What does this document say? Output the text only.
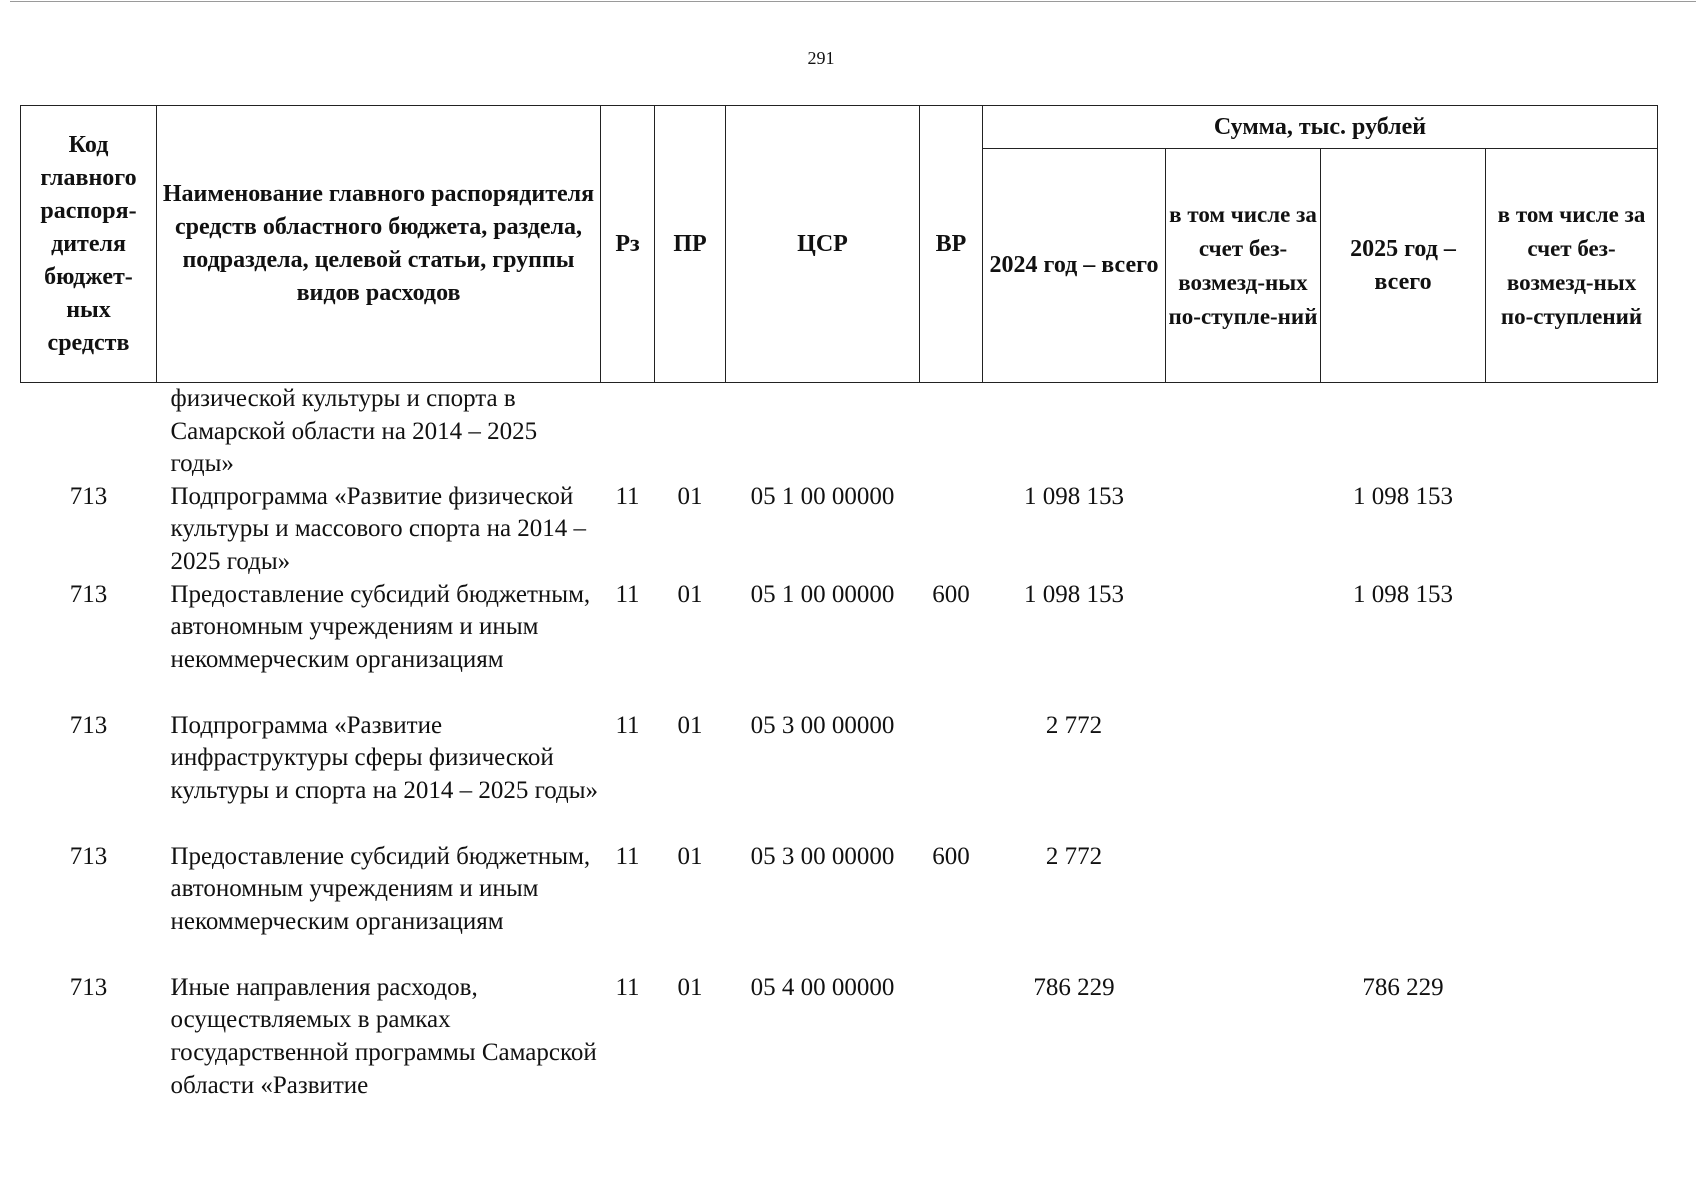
291
Код главного распоря-дителя бюджет-ных средств	Наименование главного распорядителя средств областного бюджета, раздела, подраздела, целевой статьи, группы видов расходов	Рз	ПР	ЦСР	ВР	Сумма, тыс. рублей			
						2024 год – всего	в том числе за счет без-возмезд-ных по-ступле-ний	2025 год – всего	в том числе за счет без-возмезд-ных по-ступлений
	физической культуры и спорта в Самарской области на 2014 – 2025 годы»								
713	Подпрограмма «Развитие физической культуры и массового спорта на 2014 – 2025 годы»	11	01	05 1 00 00000		1 098 153		1 098 153	
713	Предоставление субсидий бюджетным, автономным учреждениям и иным некоммерческим организациям	11	01	05 1 00 00000	600	1 098 153		1 098 153	
713	Подпрограмма «Развитие инфраструктуры сферы физической культуры и спорта на 2014 – 2025 годы»	11	01	05 3 00 00000		2 772			
713	Предоставление субсидий бюджетным, автономным учреждениям и иным некоммерческим организациям	11	01	05 3 00 00000	600	2 772			
713	Иные направления расходов, осуществляемых в рамках государственной программы Самарской области «Развитие	11	01	05 4 00 00000		786 229		786 229	
